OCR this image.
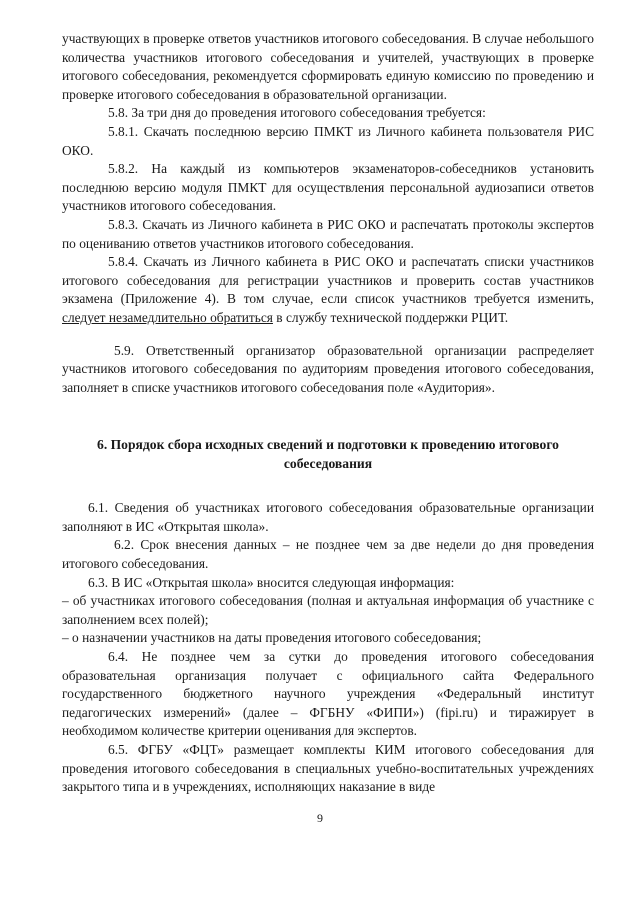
участвующих в проверке ответов участников итогового собеседования. В случае небольшого количества участников итогового собеседования и учителей, участвующих в проверке итогового собеседования, рекомендуется сформировать единую комиссию по проведению и проверке итогового собеседования в образовательной организации.

5.8. За три дня до проведения итогового собеседования требуется:

5.8.1. Скачать последнюю версию ПМКТ из Личного кабинета пользователя РИС ОКО.

5.8.2. На каждый из компьютеров экзаменаторов-собеседников установить последнюю версию модуля ПМКТ для осуществления персональной аудиозаписи ответов участников итогового собеседования.

5.8.3. Скачать из Личного кабинета в РИС ОКО и распечатать протоколы экспертов по оцениванию ответов участников итогового собеседования.

5.8.4. Скачать из Личного кабинета в РИС ОКО и распечатать списки участников итогового собеседования для регистрации участников и проверить состав участников экзамена (Приложение 4). В том случае, если список участников требуется изменить, следует незамедлительно обратиться в службу технической поддержки РЦИТ.

5.9. Ответственный организатор образовательной организации распределяет участников итогового собеседования по аудиториям проведения итогового собеседования, заполняет в списке участников итогового собеседования поле «Аудитория».

6. Порядок сбора исходных сведений и подготовки к проведению итогового собеседования

6.1. Сведения об участниках итогового собеседования образовательные организации заполняют в ИС «Открытая школа».

6.2. Срок внесения данных – не позднее чем за две недели до дня проведения итогового собеседования.

6.3. В ИС «Открытая школа» вносится следующая информация:

– об участниках итогового собеседования (полная и актуальная информация об участнике с заполнением всех полей);

– о назначении участников на даты проведения итогового собеседования;

6.4. Не позднее чем за сутки до проведения итогового собеседования образовательная организация получает с официального сайта Федерального государственного бюджетного научного учреждения «Федеральный институт педагогических измерений» (далее – ФГБНУ «ФИПИ») (fipi.ru) и тиражирует в необходимом количестве критерии оценивания для экспертов.

6.5. ФГБУ «ФЦТ» размещает комплекты КИМ итогового собеседования для проведения итогового собеседования в специальных учебно-воспитательных учреждениях закрытого типа и в учреждениях, исполняющих наказание в виде

9
